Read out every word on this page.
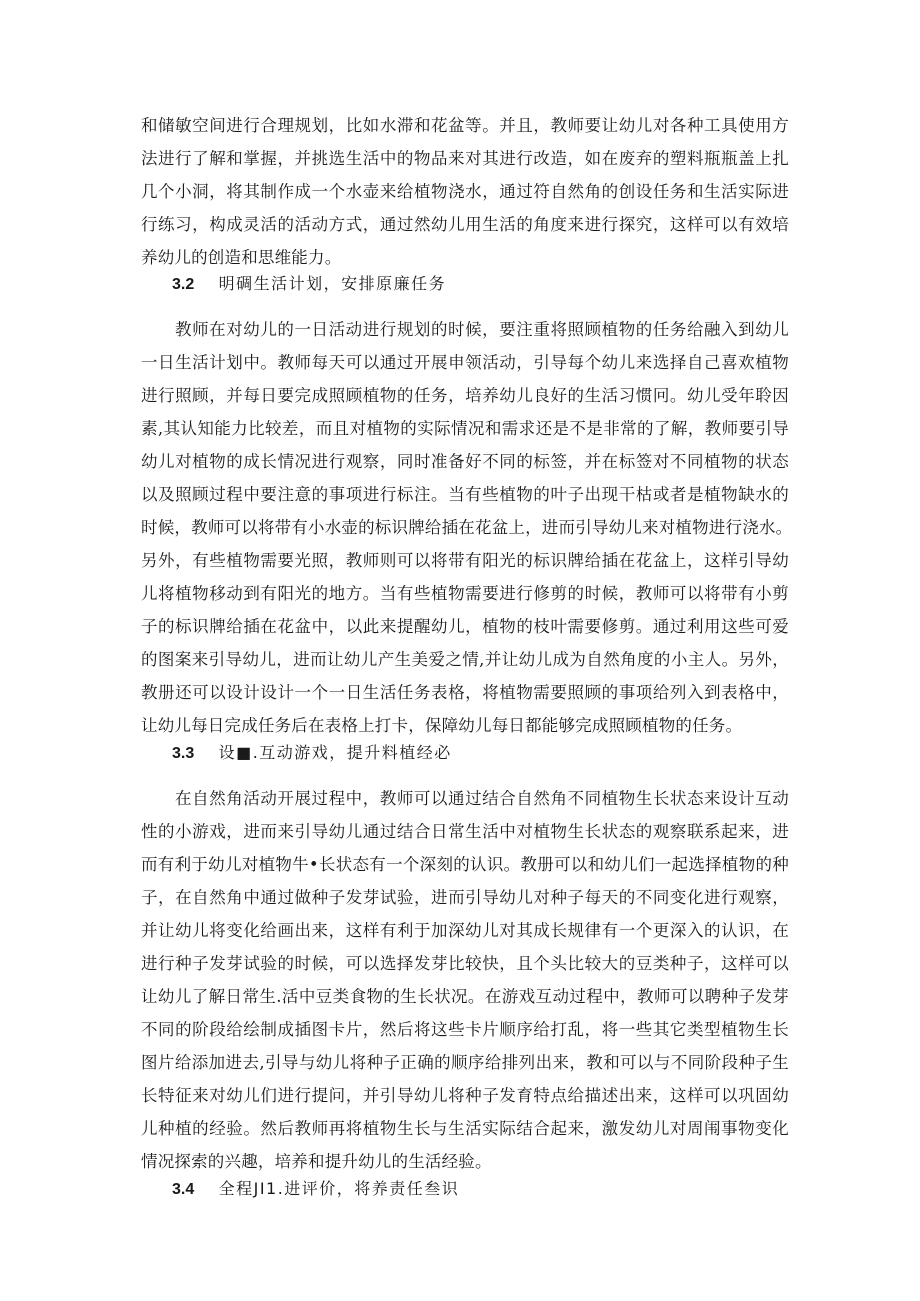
和储敏空间进行合理规划，比如水滞和花盆等。并且，教师要让幼儿对各种工具使用方
法进行了解和掌握，并挑选生活中的物品来对其进行改造，如在废弃的塑料瓶瓶盖上扎
几个小洞，将其制作成一个水壶来给植物浇水，通过符自然角的创设任务和生活实际进
行练习，构成灵活的活动方式，通过然幼儿用生活的角度来进行探究，这样可以有效培
养幼儿的创造和思维能力。
3.2 明碉生活计划，安排原廉任务
教师在对幼儿的一日活动进行规划的时候，要注重将照顾植物的任务给融入到幼儿
一日生活计划中。教师每天可以通过开展申领活动，引导每个幼儿来选择自己喜欢植物
进行照顾，并每日要完成照顾植物的任务，培养幼儿良好的生活习惯冋。幼儿受年聆因
素,其认知能力比较差，而且对植物的实际情况和需求还是不是非常的了解，教师要引导
幼儿对植物的成长情况进行观察，同时准备好不同的标签，并在标签对不同植物的状态
以及照顾过程中要注意的事项进行标注。当有些植物的叶子出现干枯或者是植物缺水的
时候，教师可以将带有小水壶的标识牌给插在花盆上，进而引导幼儿来对植物进行浇水。
另外，有些植物需要光照，教师则可以将带有阳光的标识牌给插在花盆上，这样引导幼
儿将植物移动到有阳光的地方。当有些植物需要进行修剪的时候，教师可以将带有小剪
子的标识牌给插在花盆中，以此来提醒幼儿，植物的枝叶需要修剪。通过利用这些可爱
的图案来引导幼儿，进而让幼儿产生美爱之情,并让幼儿成为自然角度的小主人。另外，
教册还可以设计设计一个一日生活任务表格，将植物需要照顾的事项给列入到表格中，
让幼儿每日完成任务后在表格上打卡，保障幼儿每日都能够完成照顾植物的任务。
3.3 设■.互动游戏，提升料植经必
在自然角活动开展过程中，教师可以通过结合自然角不同植物生长状态来设计互动
性的小游戏，进而来引导幼儿通过结合日常生活中对植物生长状态的观察联系起来，进
而有利于幼儿对植物牛•长状态有一个深刻的认识。教册可以和幼儿们一起选择植物的种
子，在自然角中通过做种子发芽试验，进而引导幼儿对种子每天的不同变化进行观察，
并让幼儿将变化给画出来，这样有利于加深幼儿对其成长规律有一个更深入的认识，在
进行种子发芽试验的时候，可以选择发芽比较快，且个头比较大的豆类种子，这样可以
让幼儿了解日常生.活中豆类食物的生长状况。在游戏互动过程中，教师可以聘种子发芽
不同的阶段给绘制成插图卡片，然后将这些卡片顺序给打乱，将一些其它类型植物生长
图片给添加进去,引导与幼儿将种子正确的顺序给排列出来，教和可以与不同阶段种子生
长特征来对幼儿们进行提问，并引导幼儿将种子发育特点给描述出来，这样可以巩固幼
儿种植的经验。然后教师再将植物生长与生活实际结合起来，激发幼儿对周闱事物变化
情况探索的兴趣，培养和提升幼儿的生活经验。
3.4 全程JI1.进评价，将养责任叁识
